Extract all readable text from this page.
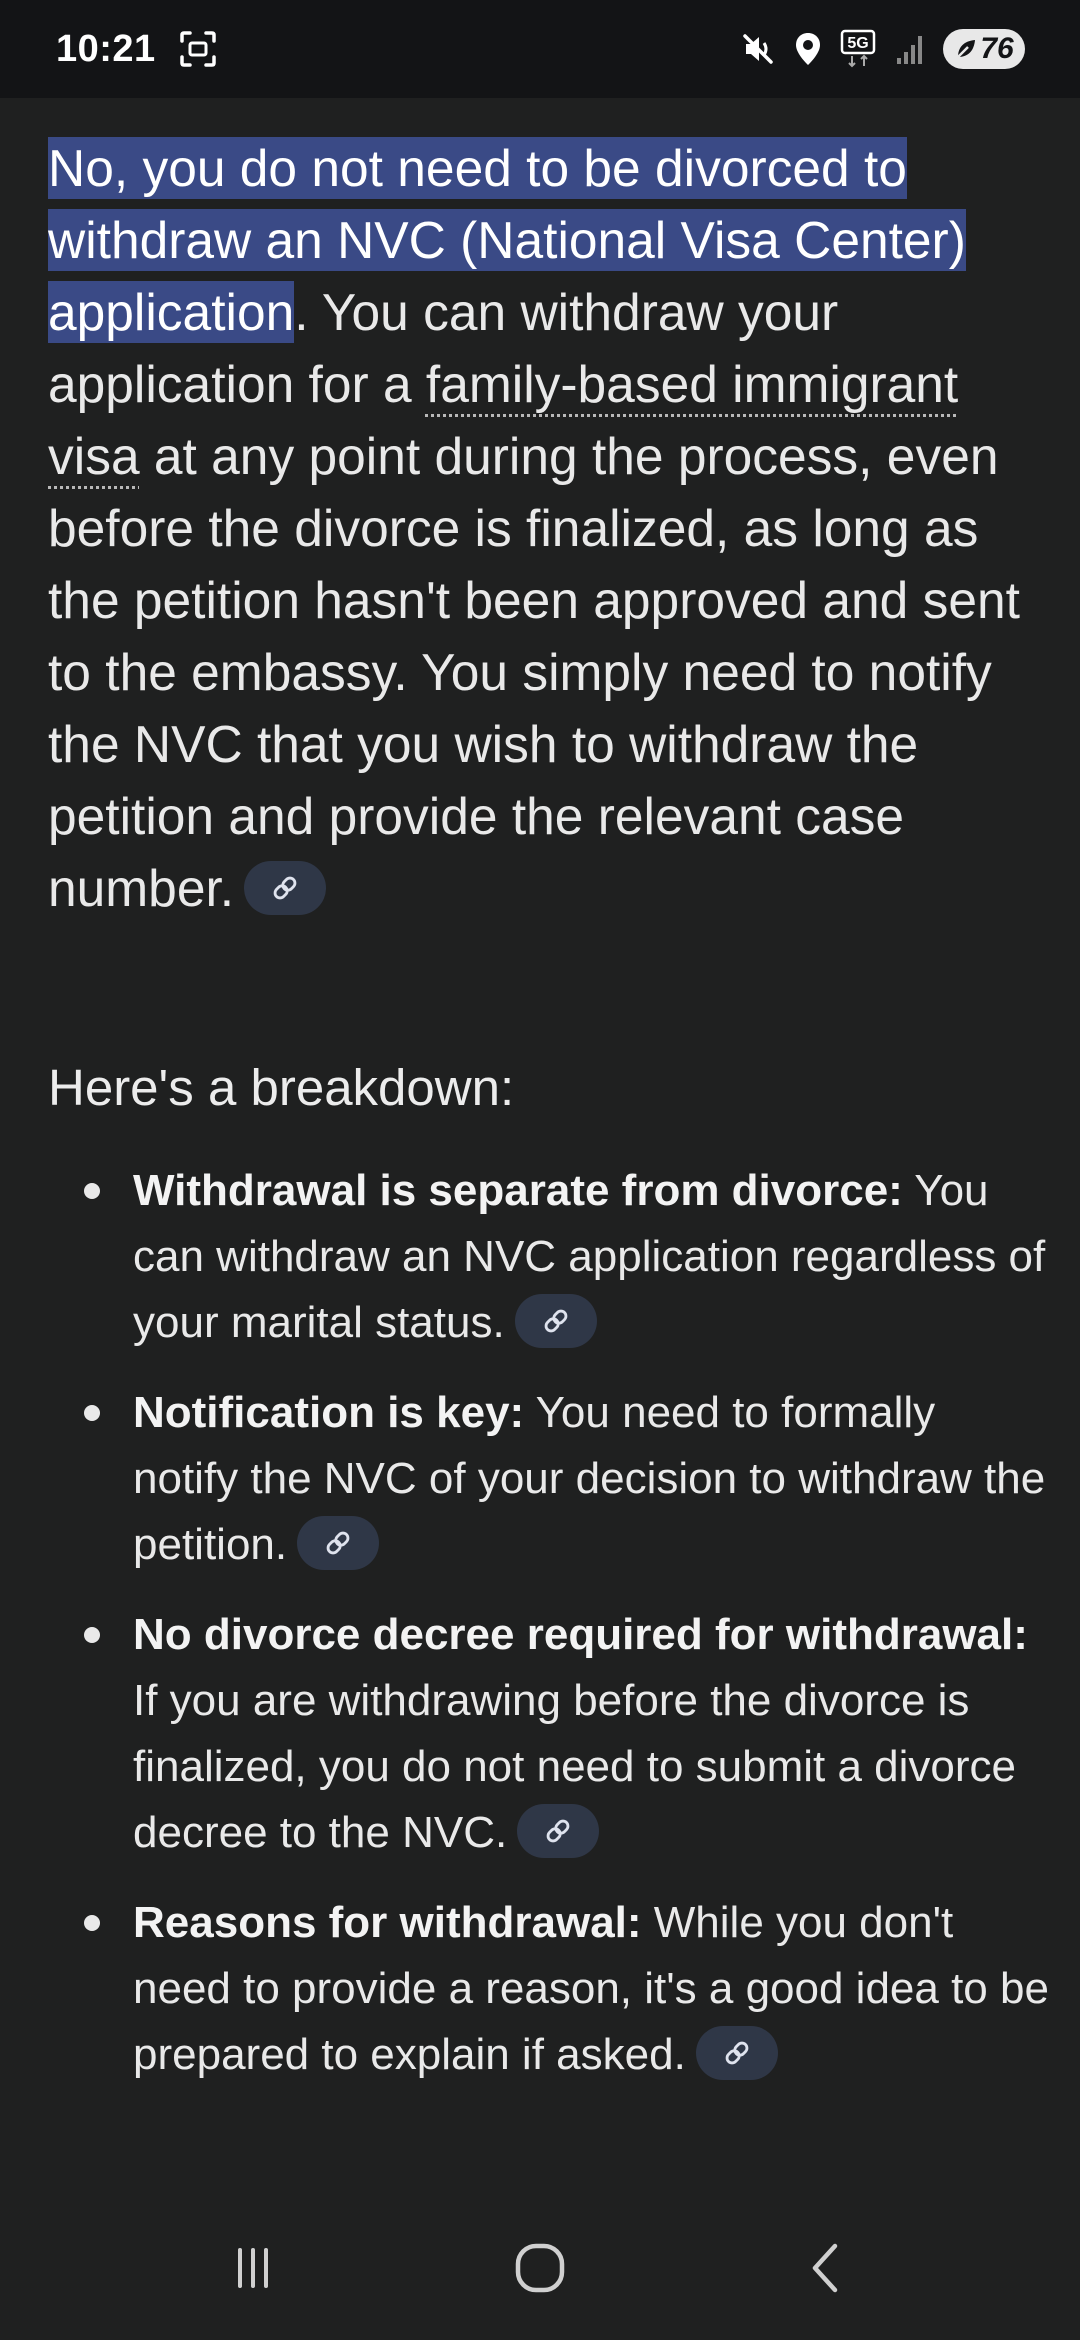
10:21	5G	76

No, you do not need to be divorced to withdraw an NVC (National Visa Center) application. You can withdraw your application for a family-based immigrant visa at any point during the process, even before the divorce is finalized, as long as the petition hasn't been approved and sent to the embassy. You simply need to notify the NVC that you wish to withdraw the petition and provide the relevant case number.

Here's a breakdown:
Withdrawal is separate from divorce: You can withdraw an NVC application regardless of your marital status.
Notification is key: You need to formally notify the NVC of your decision to withdraw the petition.
No divorce decree required for withdrawal: If you are withdrawing before the divorce is finalized, you do not need to submit a divorce decree to the NVC.
Reasons for withdrawal: While you don't need to provide a reason, it's a good idea to be prepared to explain if asked.
